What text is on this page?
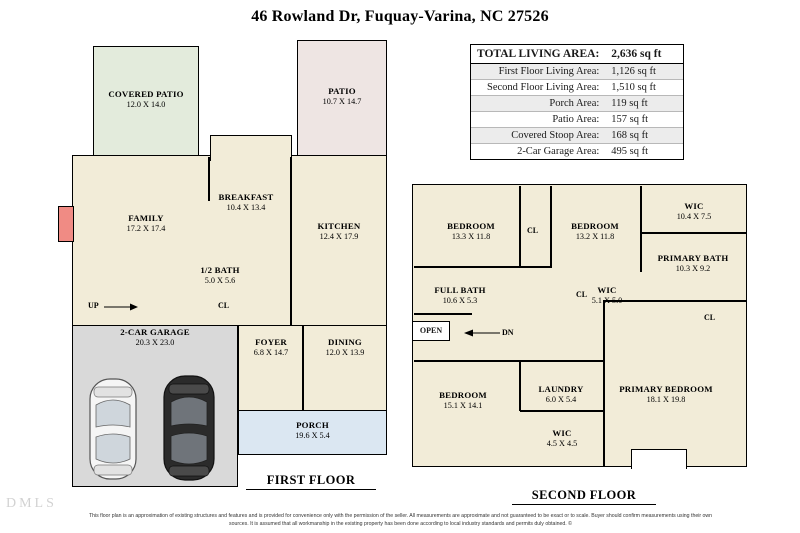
46 Rowland Dr, Fuquay-Varina, NC 27526
TOTAL LIVING AREA:	2,636 sq ft
First Floor Living Area:	1,126 sq ft
Second Floor Living Area:	1,510 sq ft
Porch Area:	119 sq ft
Patio Area:	157 sq ft
Covered Stoop Area:	168 sq ft
2-Car Garage Area:	495 sq ft
COVERED PATIO
12.0 X 14.0
PATIO
10.7 X 14.7
PORCH
19.6 X 5.4
FAMILY
17.2 X 17.4
BREAKFAST
10.4 X 13.4
KITCHEN
12.4 X 17.9
1/2 BATH
5.0 X 5.6
2-CAR GARAGE
20.3 X 23.0	FOYER
6.8 X 14.7
DINING
12.0 X 13.9
UP	CL
FIRST FLOOR
OPEN	DN
BEDROOM
13.3 X 11.8
BEDROOM
13.2 X 11.8
WIC
10.4 X 7.5
PRIMARY BATH
10.3 X 9.2
FULL BATH
10.6 X 5.3
WIC
5.1 X 5.0
BEDROOM
15.1 X 14.1
LAUNDRY
6.0 X 5.4
PRIMARY BEDROOM
18.1 X 19.8
WIC
4.5 X 4.5
CL
CL
CL
SECOND FLOOR
DMLS
This floor plan is an approximation of existing structures and features and is provided for convenience only with the permission of the seller. All measurements are approximate and not guaranteed to be exact or to scale. Buyer should confirm measurements using their own sources. It is assumed that all workmanship in the existing property has been done according to local industry standards and permits duly obtained. ©
